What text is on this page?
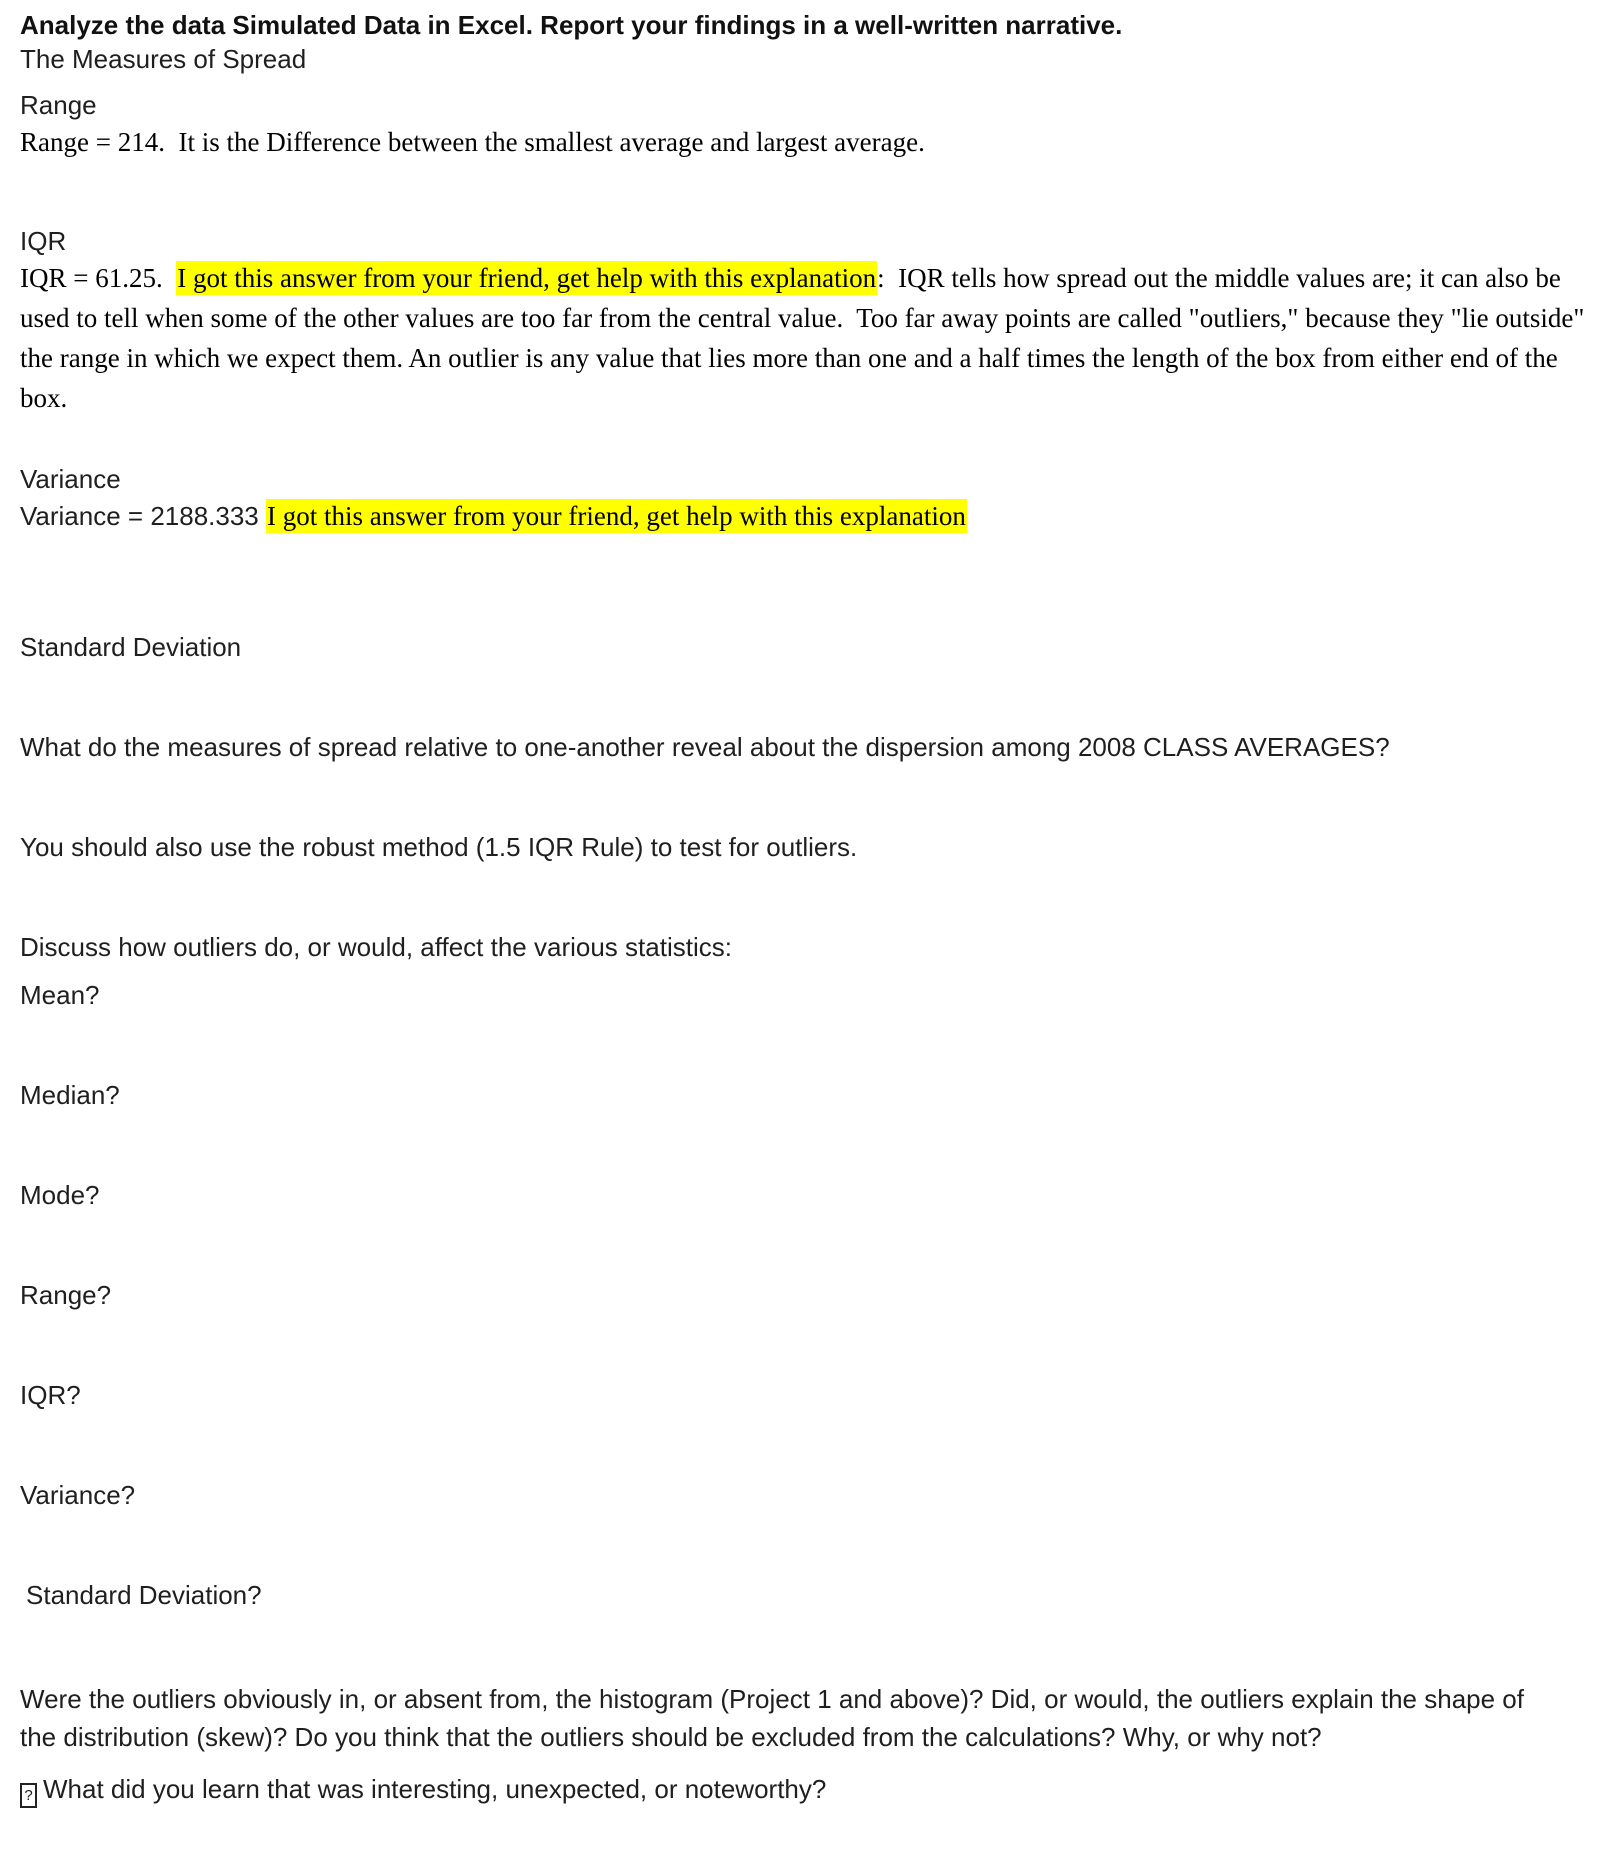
Analyze the data Simulated Data in Excel. Report your findings in a well-written narrative.

The Measures of Spread

Range

Range = 214.  It is the Difference between the smallest average and largest average.

IQR

IQR = 61.25.  I got this answer from your friend, get help with this explanation:  IQR tells how spread out the middle values are; it can also be used to tell when some of the other values are too far from the central value.  Too far away points are called "outliers," because they "lie outside" the range in which we expect them. An outlier is any value that lies more than one and a half times the length of the box from either end of the box.

Variance

Variance = 2188.333 I got this answer from your friend, get help with this explanation

Standard Deviation

What do the measures of spread relative to one-another reveal about the dispersion among 2008 CLASS AVERAGES?

You should also use the robust method (1.5 IQR Rule) to test for outliers.

Discuss how outliers do, or would, affect the various statistics:

Mean?

Median?

Mode?

Range?

IQR?

Variance?

Standard Deviation?

Were the outliers obviously in, or absent from, the histogram (Project 1 and above)? Did, or would, the outliers explain the shape of the distribution (skew)? Do you think that the outliers should be excluded from the calculations? Why, or why not?

? What did you learn that was interesting, unexpected, or noteworthy?
